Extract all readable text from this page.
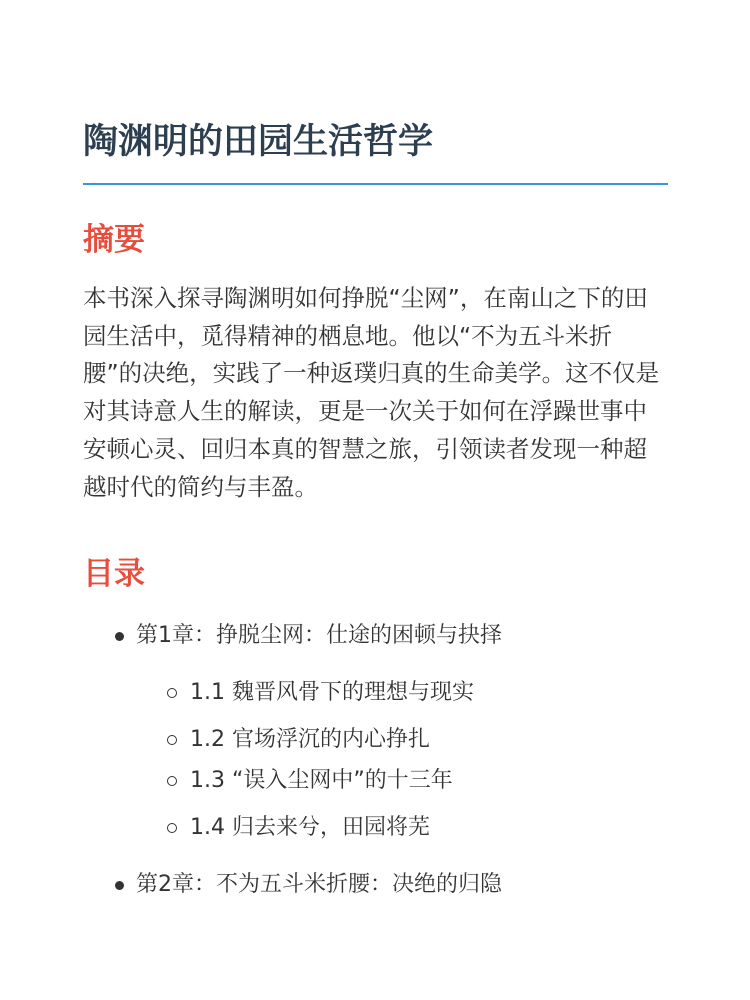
陶渊明的田园生活哲学
摘要

本书深入探寻陶渊明如何挣脱“尘网”，在南山之下的田园生活中，觅得精神的栖息地。他以“不为五斗米折腰”的决绝，实践了一种返璞归真的生命美学。这不仅是对其诗意人生的解读，更是一次关于如何在浮躁世事中安顿心灵、回归本真的智慧之旅，引领读者发现一种超越时代的简约与丰盈。

目录
第1章：挣脱尘网：仕途的困顿与抉择
1.1 魏晋风骨下的理想与现实
1.2 官场浮沉的内心挣扎
1.3 “误入尘网中”的十三年
1.4 归去来兮，田园将芜
第2章：不为五斗米折腰：决绝的归隐
